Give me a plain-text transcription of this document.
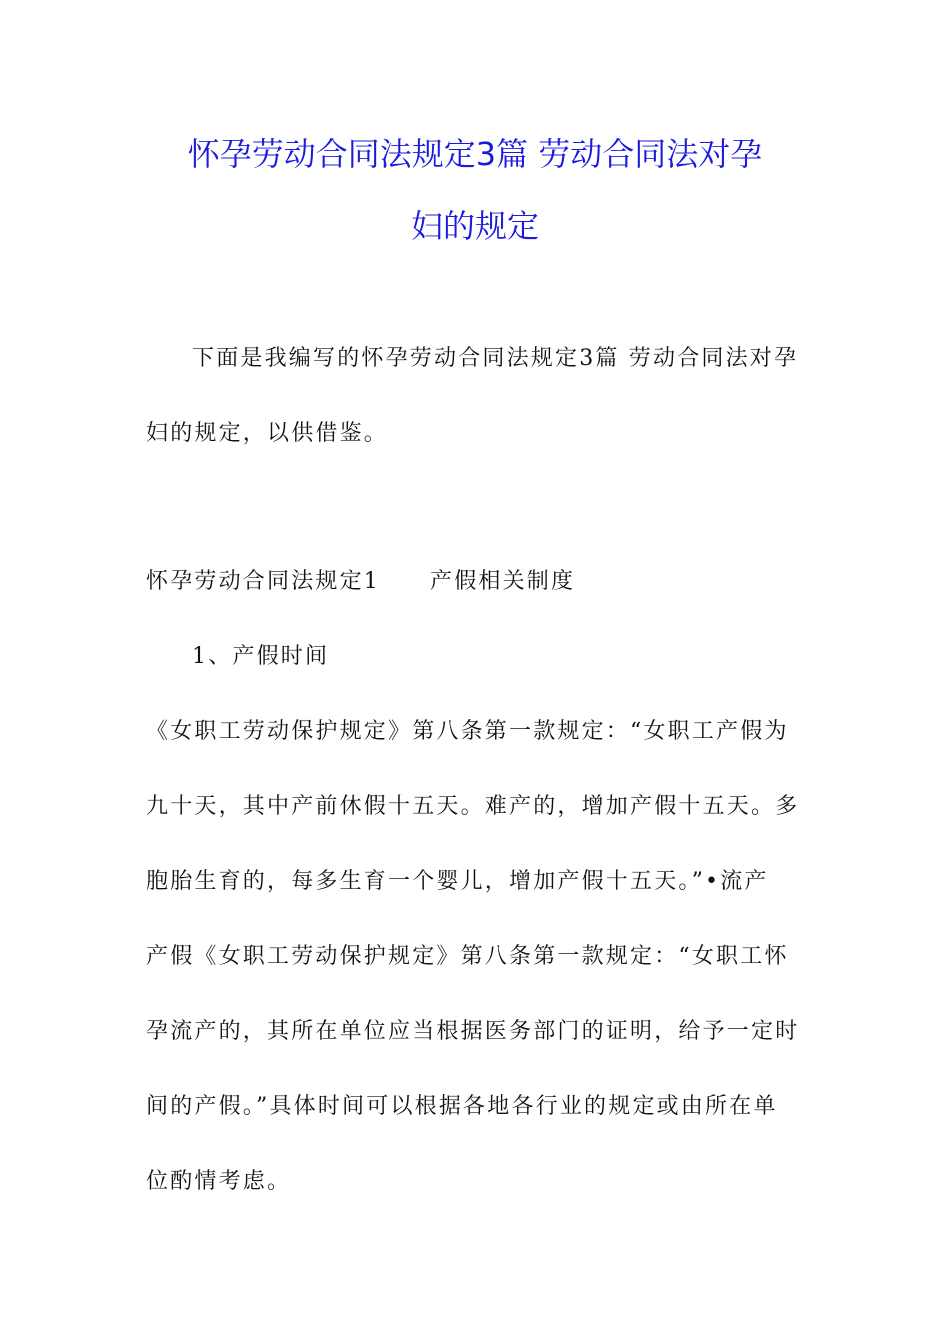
怀孕劳动合同法规定3篇 劳动合同法对孕
妇的规定
下面是我编写的怀孕劳动合同法规定3篇 劳动合同法对孕
妇的规定，以供借鉴。
怀孕劳动合同法规定1 产假相关制度
1、产假时间
《女职工劳动保护规定》第八条第一款规定：“女职工产假为
九十天，其中产前休假十五天。难产的，增加产假十五天。多
胞胎生育的，每多生育一个婴儿，增加产假十五天。”•流产
产假《女职工劳动保护规定》第八条第一款规定：“女职工怀
孕流产的，其所在单位应当根据医务部门的证明，给予一定时
间的产假。”具体时间可以根据各地各行业的规定或由所在单
位酌情考虑。
